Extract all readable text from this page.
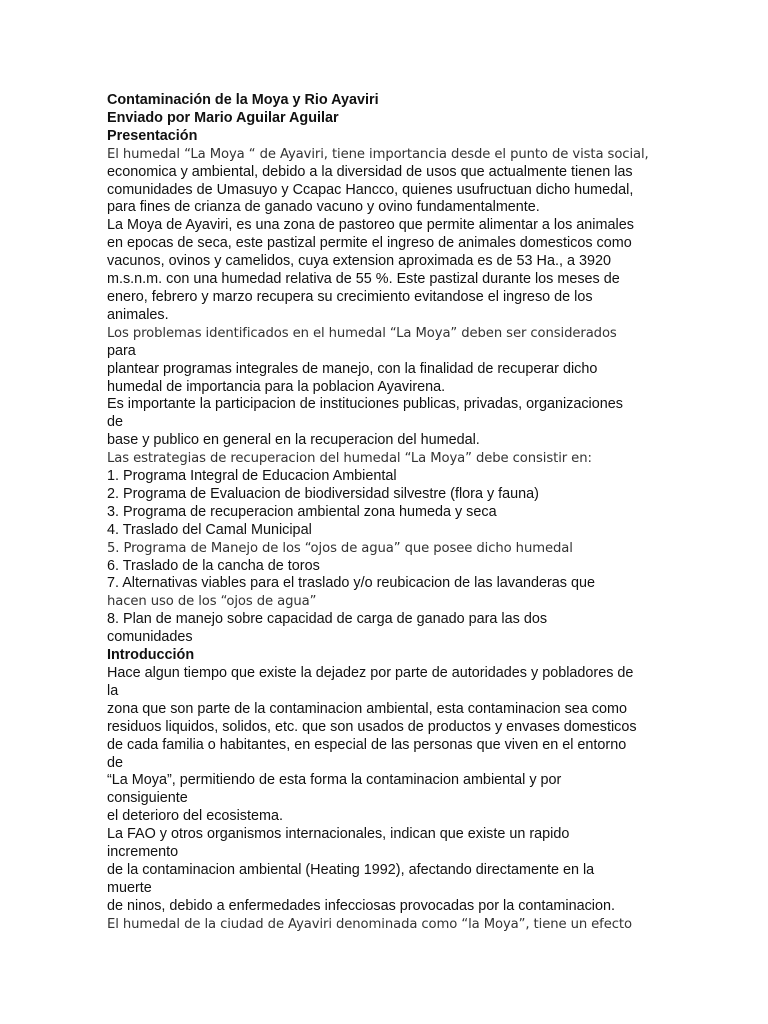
Contaminación de la Moya y Rio Ayaviri
Enviado por Mario Aguilar Aguilar
Presentación
El humedal “La Moya “ de Ayaviri, tiene importancia desde el punto de vista social,
economica y ambiental, debido a la diversidad de usos que actualmente tienen las
comunidades de Umasuyo y Ccapac Hancco, quienes usufructuan dicho humedal,
para fines de crianza de ganado vacuno y ovino fundamentalmente.
La Moya de Ayaviri, es una zona de pastoreo que permite alimentar a los animales
en epocas de seca, este pastizal permite el ingreso de animales domesticos como
vacunos, ovinos y camelidos, cuya extension aproximada es de 53 Ha., a 3920
m.s.n.m. con una humedad relativa de 55 %. Este pastizal durante los meses de
enero, febrero y marzo recupera su crecimiento evitandose el ingreso de los
animales.
Los problemas identificados en el humedal “La Moya” deben ser considerados
para
plantear programas integrales de manejo, con la finalidad de recuperar dicho
humedal de importancia para la poblacion Ayavirena.
Es importante la participacion de instituciones publicas, privadas, organizaciones
de
base y publico en general en la recuperacion del humedal.
Las estrategias de recuperacion del humedal “La Moya” debe consistir en:
1. Programa Integral de Educacion Ambiental
2. Programa de Evaluacion de biodiversidad silvestre (flora y fauna)
3. Programa de recuperacion ambiental zona humeda y seca
4. Traslado del Camal Municipal
5. Programa de Manejo de los “ojos de agua” que posee dicho humedal
6. Traslado de la cancha de toros
7. Alternativas viables para el traslado y/o reubicacion de las lavanderas que
hacen uso de los “ojos de agua”
8. Plan de manejo sobre capacidad de carga de ganado para las dos
comunidades
Introducción
Hace algun tiempo que existe la dejadez por parte de autoridades y pobladores de
la
zona que son parte de la contaminacion ambiental, esta contaminacion sea como
residuos liquidos, solidos, etc. que son usados de productos y envases domesticos
de cada familia o habitantes, en especial de las personas que viven en el entorno
de
“La Moya”, permitiendo de esta forma la contaminacion ambiental y por
consiguiente
el deterioro del ecosistema.
La FAO y otros organismos internacionales, indican que existe un rapido
incremento
de la contaminacion ambiental (Heating 1992), afectando directamente en la
muerte
de ninos, debido a enfermedades infecciosas provocadas por la contaminacion.
El humedal de la ciudad de Ayaviri denominada como “la Moya”, tiene un efecto
